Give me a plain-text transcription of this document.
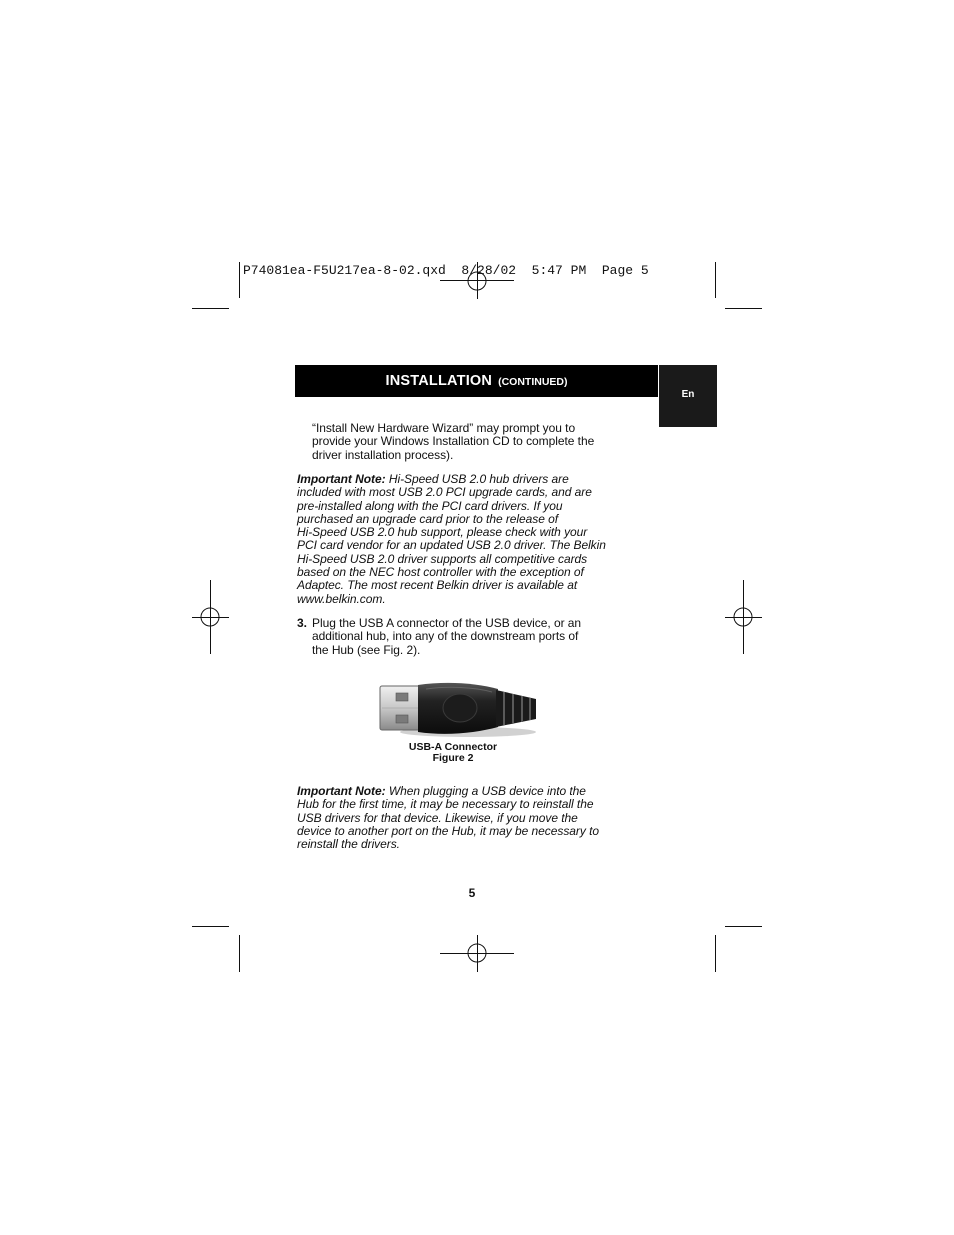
P74081ea-F5U217ea-8-02.qxd  8/28/02  5:47 PM  Page 5
INSTALLATION (CONTINUED)
En
“Install New Hardware Wizard” may prompt you to
provide your Windows Installation CD to complete the
driver installation process).
Important Note: Hi-Speed USB 2.0 hub drivers are
included with most USB 2.0 PCI upgrade cards, and are
pre-installed along with the PCI card drivers. If you
purchased an upgrade card prior to the release of
Hi-Speed USB 2.0 hub support, please check with your
PCI card vendor for an updated USB 2.0 driver. The Belkin
Hi-Speed USB 2.0 driver supports all competitive cards
based on the NEC host controller with the exception of
Adaptec. The most recent Belkin driver is available at
www.belkin.com.
3. Plug the USB A connector of the USB device, or an
additional hub, into any of the downstream ports of
the Hub (see Fig. 2).
USB-A Connector
Figure 2
Important Note: When plugging a USB device into the
Hub for the first time, it may be necessary to reinstall the
USB drivers for that device. Likewise, if you move the
device to another port on the Hub, it may be necessary to
reinstall the drivers.
5
